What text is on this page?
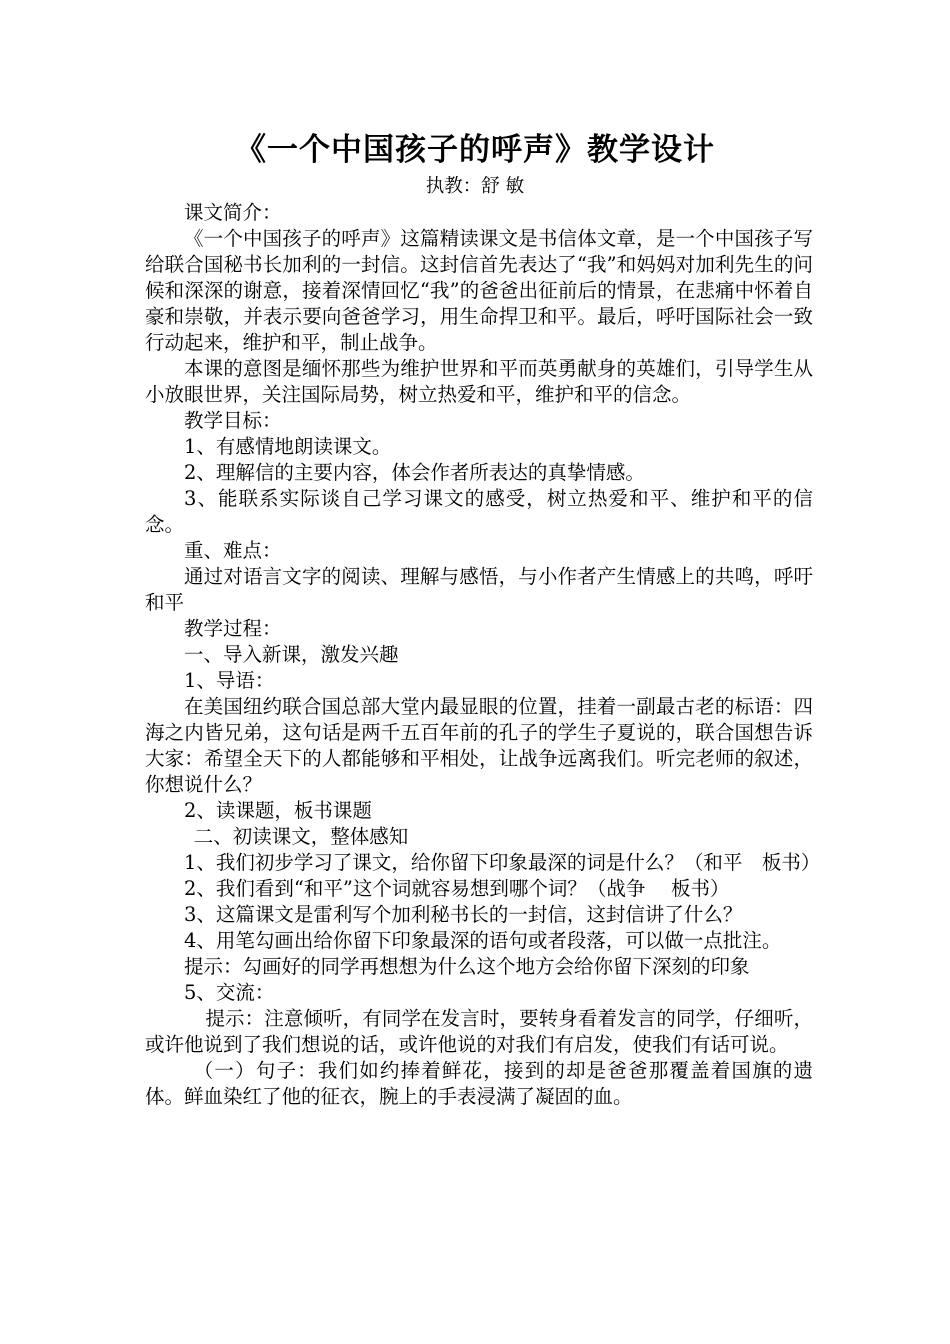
《一个中国孩子的呼声》教学设计
执教：舒 敏

课文简介：

《一个中国孩子的呼声》这篇精读课文是书信体文章，是一个中国孩子写给联合国秘书长加利的一封信。这封信首先表达了“我”和妈妈对加利先生的问候和深深的谢意，接着深情回忆“我”的爸爸出征前后的情景，在悲痛中怀着自豪和崇敬，并表示要向爸爸学习，用生命捍卫和平。最后，呼吁国际社会一致行动起来，维护和平，制止战争。

本课的意图是缅怀那些为维护世界和平而英勇献身的英雄们，引导学生从小放眼世界，关注国际局势，树立热爱和平，维护和平的信念。

教学目标：

1、有感情地朗读课文。

2、理解信的主要内容，体会作者所表达的真挚情感。

3、能联系实际谈自己学习课文的感受，树立热爱和平、维护和平的信念。

重、难点：

通过对语言文字的阅读、理解与感悟，与小作者产生情感上的共鸣，呼吁和平

教学过程：

一、导入新课，激发兴趣

1、导语：

在美国纽约联合国总部大堂内最显眼的位置，挂着一副最古老的标语：四海之内皆兄弟，这句话是两千五百年前的孔子的学生子夏说的，联合国想告诉大家：希望全天下的人都能够和平相处，让战争远离我们。听完老师的叙述，你想说什么？

2、读课题，板书课题

二、初读课文，整体感知

1、我们初步学习了课文，给你留下印象最深的词是什么？（和平　板书）

2、我们看到“和平”这个词就容易想到哪个词？（战争　 板书）

3、这篇课文是雷利写个加利秘书长的一封信，这封信讲了什么？

4、用笔勾画出给你留下印象最深的语句或者段落，可以做一点批注。

提示：勾画好的同学再想想为什么这个地方会给你留下深刻的印象

5、交流：

提示：注意倾听，有同学在发言时，要转身看着发言的同学，仔细听，或许他说到了我们想说的话，或许他说的对我们有启发，使我们有话可说。

（一）句子：我们如约捧着鲜花，接到的却是爸爸那覆盖着国旗的遗体。鲜血染红了他的征衣，腕上的手表浸满了凝固的血。
